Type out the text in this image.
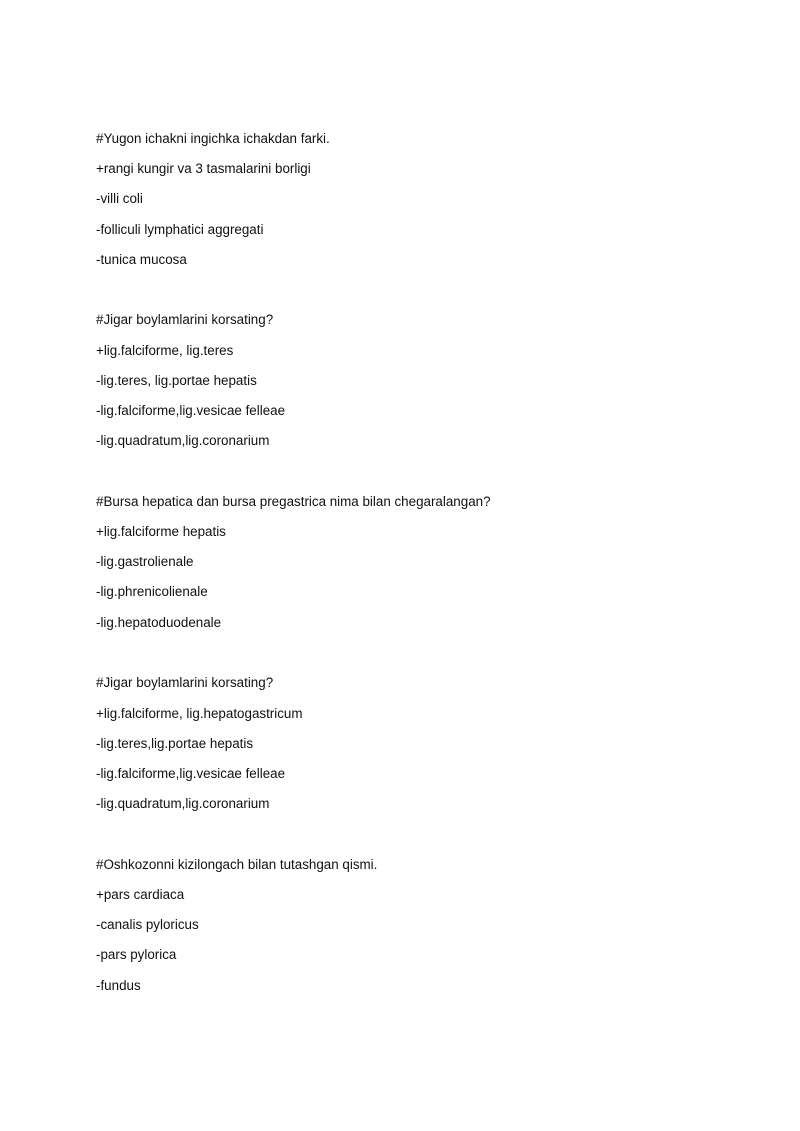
#Yugon ichakni ingichka ichakdan farki.
+rangi kungir va 3 tasmalarini borligi
-villi coli
-folliculi lymphatici aggregati
-tunica mucosa
#Jigar boylamlarini korsating?
+lig.falciforme, lig.teres
-lig.teres, lig.portae hepatis
-lig.falciforme,lig.vesicae felleae
-lig.quadratum,lig.coronarium
#Bursa hepatica dan bursa pregastrica nima bilan chegaralangan?
+lig.falciforme hepatis
-lig.gastrolienale
-lig.phrenicolienale
-lig.hepatoduodenale
#Jigar boylamlarini korsating?
+lig.falciforme, lig.hepatogastricum
-lig.teres,lig.portae hepatis
-lig.falciforme,lig.vesicae felleae
-lig.quadratum,lig.coronarium
#Oshkozonni kizilongach bilan tutashgan qismi.
+pars cardiaca
-canalis pyloricus
-pars pylorica
-fundus
